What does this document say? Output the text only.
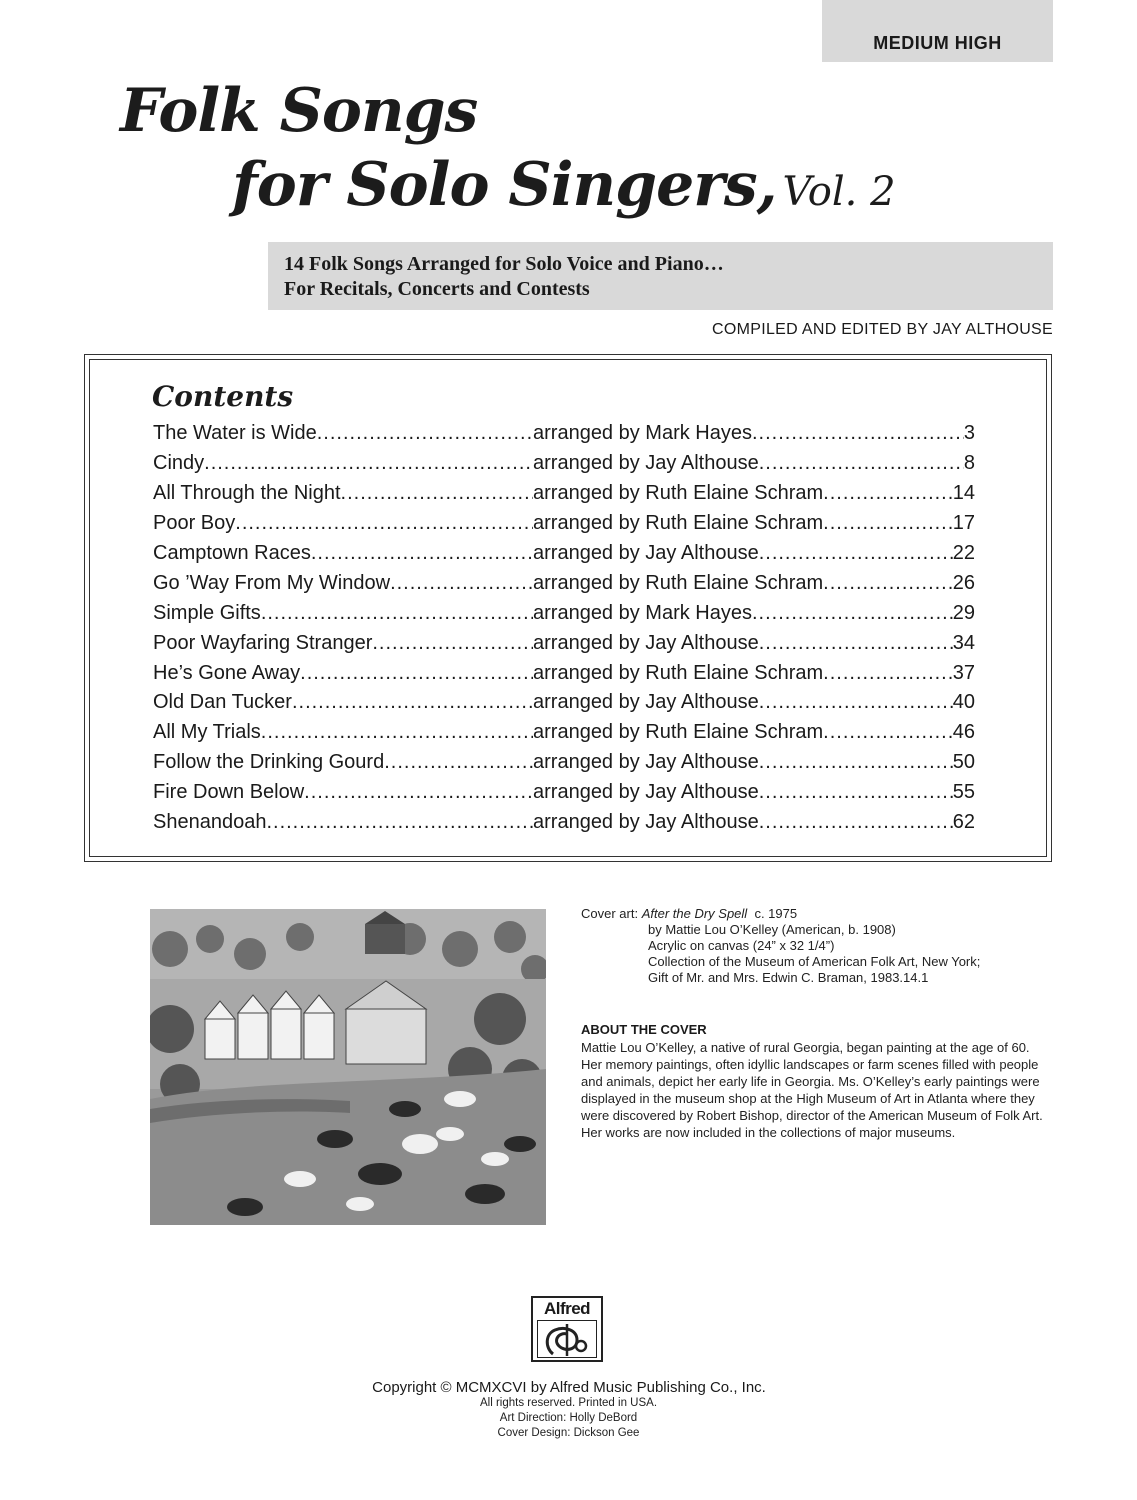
MEDIUM HIGH
Folk Songs
for Solo Singers, Vol. 2
14 Folk Songs Arranged for Solo Voice and Piano…
For Recitals, Concerts and Contests
COMPILED AND EDITED BY JAY ALTHOUSE
Contents
The Water is Wide .....	arranged by Mark Hayes .....	3
Cindy .....	arranged by Jay Althouse .....	8
All Through the Night .....	arranged by Ruth Elaine Schram .....	14
Poor Boy .....	arranged by Ruth Elaine Schram .....	17
Camptown Races .....	arranged by Jay Althouse .....	22
Go ’Way From My Window .....	arranged by Ruth Elaine Schram .....	26
Simple Gifts .....	arranged by Mark Hayes .....	29
Poor Wayfaring Stranger .....	arranged by Jay Althouse .....	34
He’s Gone Away .....	arranged by Ruth Elaine Schram .....	37
Old Dan Tucker .....	arranged by Jay Althouse .....	40
All My Trials .....	arranged by Ruth Elaine Schram .....	46
Follow the Drinking Gourd .....	arranged by Jay Althouse .....	50
Fire Down Below .....	arranged by Jay Althouse .....	55
Shenandoah .....	arranged by Jay Althouse .....	62
Cover art: After the Dry Spell c. 1975
by Mattie Lou O’Kelley (American, b. 1908)
Acrylic on canvas (24” x 32 1/4”)
Collection of the Museum of American Folk Art, New York;
Gift of Mr. and Mrs. Edwin C. Braman, 1983.14.1
ABOUT THE COVER
Mattie Lou O’Kelley, a native of rural Georgia, began painting at the age of 60. Her memory paintings, often idyllic landscapes or farm scenes filled with people and animals, depict her early life in Georgia. Ms. O’Kelley’s early paintings were displayed in the museum shop at the High Museum of Art in Atlanta where they were discovered by Robert Bishop, director of the American Museum of Folk Art. Her works are now included in the collections of major museums.
Alfred
Copyright © MCMXCVI by Alfred Music Publishing Co., Inc.
All rights reserved. Printed in USA.
Art Direction: Holly DeBord
Cover Design: Dickson Gee
